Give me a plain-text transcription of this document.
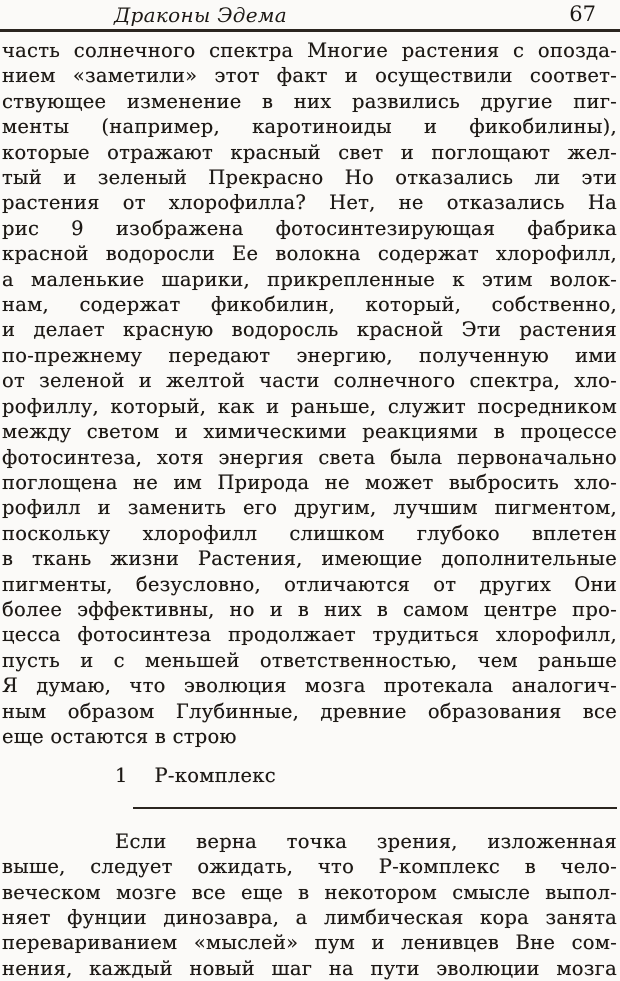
Драконы Эдема	67
часть солнечного спектра Многие растения с опозда-
нием «заметили» этот факт и осуществили соответ-
ствующее изменение в них развились другие пиг-
менты (например, каротиноиды и фикобилины),
которые отражают красный свет и поглощают жел-
тый и зеленый Прекрасно Но отказались ли эти
растения от хлорофилла? Нет, не отказались На
рис 9 изображена фотосинтезирующая фабрика
красной водоросли Ее волокна содержат хлорофилл,
а маленькие шарики, прикрепленные к этим волок-
нам, содержат фикобилин, который, собственно,
и делает красную водоросль красной Эти растения
по-прежнему передают энергию, полученную ими
от зеленой и желтой части солнечного спектра, хло-
рофиллу, который, как и раньше, служит посредником
между светом и химическими реакциями в процессе
фотосинтеза, хотя энергия света была первоначально
поглощена не им Природа не может выбросить хло-
рофилл и заменить его другим, лучшим пигментом,
поскольку хлорофилл слишком глубоко вплетен
в ткань жизни Растения, имеющие дополнительные
пигменты, безусловно, отличаются от других Они
более эффективны, но и в них в самом центре про-
цесса фотосинтеза продолжает трудиться хлорофилл,
пусть и с меньшей ответственностью, чем раньше
Я думаю, что эволюция мозга протекала аналогич-
ным образом Глубинные, древние образования все
еще остаются в строю
1  Р-комплекс
Если верна точка зрения, изложенная
выше, следует ожидать, что Р-комплекс в чело-
веческом мозге все еще в некотором смысле выпол-
няет фунции динозавра, а лимбическая кора занята
перевариванием «мыслей» пум и ленивцев Вне сом-
нения, каждый новый шаг на пути эволюции мозга
